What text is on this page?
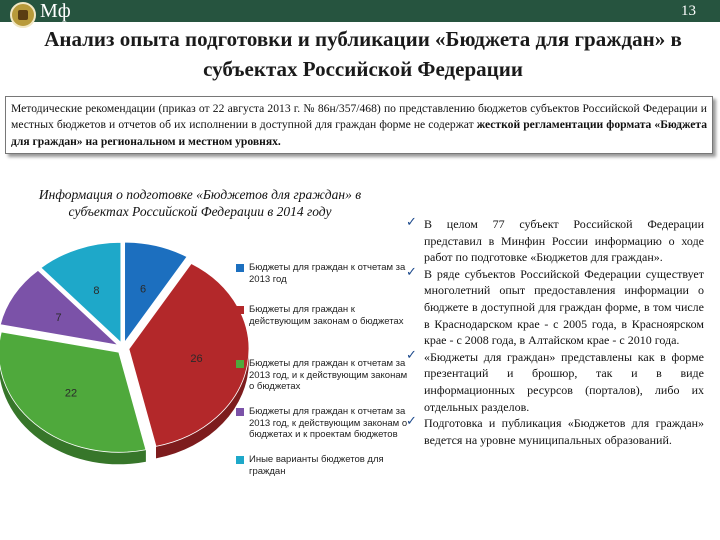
Мф	13
Анализ опыта подготовки и публикации «Бюджета для граждан» в субъектах Российской Федерации
Методические рекомендации (приказ от 22 августа 2013 г. № 86н/357/468) по представлению бюджетов субъектов Российской Федерации и местных бюджетов и отчетов об их исполнении в доступной для граждан форме не содержат жесткой регламентации формата «Бюджета для граждан» на региональном и местном уровнях.
Информация о подготовке «Бюджетов для граждан» в субъектах Российской Федерации в 2014 году
6
26
22
7
8
Бюджеты для граждан к отчетам за 2013 год
Бюджеты для граждан к действующим законам о бюджетах
Бюджеты для граждан к отчетам за 2013 год, и к действующим законам о бюджетах
Бюджеты для граждан к отчетам за 2013 год, к действующим законам о бюджетах и к проектам бюджетов
Иные варианты бюджетов для граждан
✓ В целом 77 субъект Российской Федерации представил в Минфин России информацию о ходе работ по подготовке «Бюджетов для граждан».
✓ В ряде субъектов Российской Федерации существует многолетний опыт предоставления информации о бюджете в доступной для граждан форме, в том числе в Краснодарском крае - с 2005 года, в Красноярском крае - с 2008 года, в Алтайском крае - с 2010 года.
✓ «Бюджеты для граждан» представлены как в форме презентаций и брошюр, так и в виде информационных ресурсов (порталов), либо их отдельных разделов.
✓ Подготовка и публикация «Бюджетов для граждан» ведется на уровне муниципальных образований.
